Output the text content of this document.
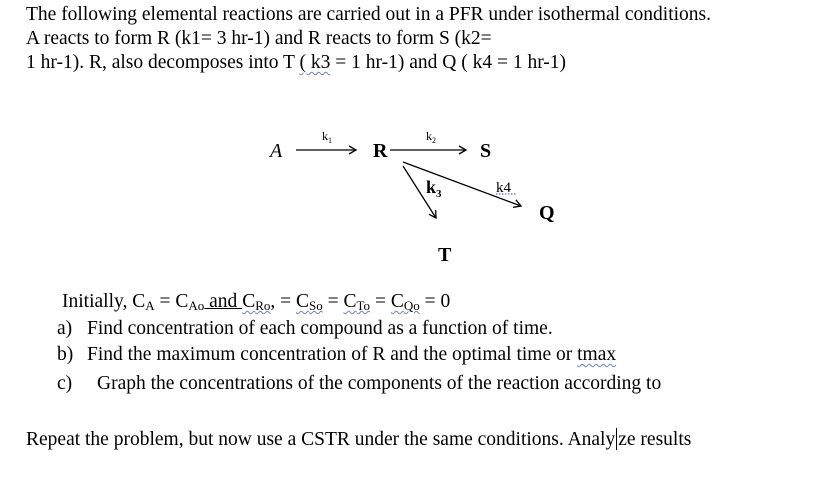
The following elemental reactions are carried out in a PFR under isothermal conditions.
A reacts to form R (k1= 3 hr-1) and R reacts to form S (k2=
1 hr-1). R, also decomposes into T ( k3 = 1 hr-1) and Q ( k4 = 1 hr-1)
A
$k_1$ R
$k_2$ S
$k_3$
T
k4
Q
Initially, $C_A = C_{Ao}$ and $C_{Ro}$, = $C_{So} = C_{To} = C_{Qo} = 0$
a) Find concentration of each compound as a function of time.
b) Find the maximum concentration of R and the optimal time or tmax
c) Graph the concentrations of the components of the reaction according to
Repeat the problem, but now use a CSTR under the same conditions. Analy ze results
